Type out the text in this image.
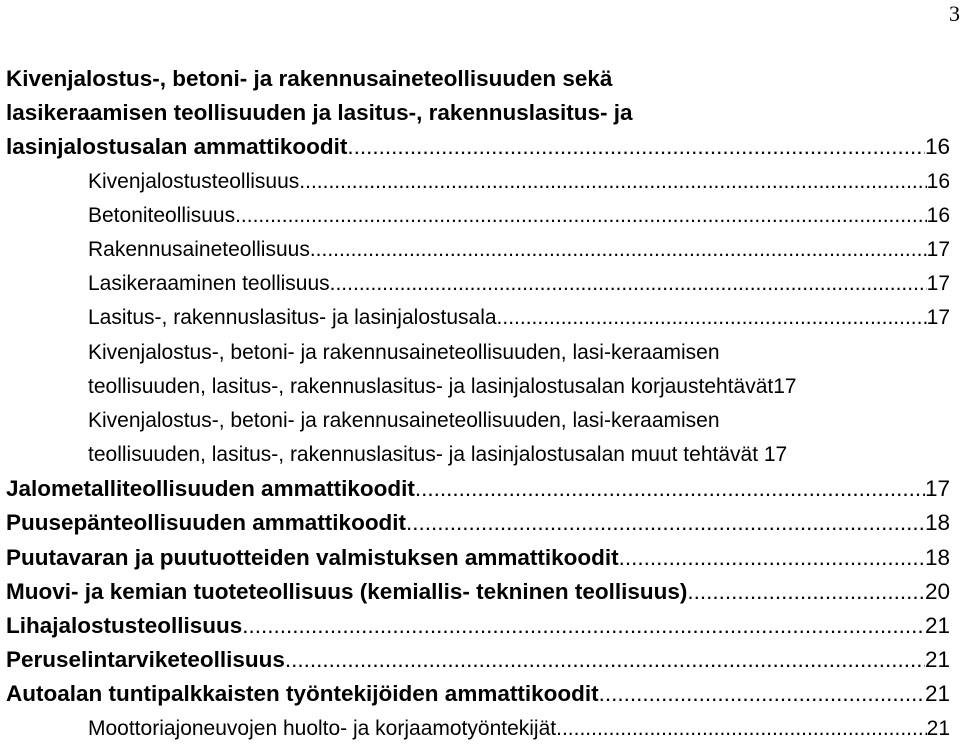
3
Kivenjalostus-, betoni- ja rakennusaineteollisuuden sekä
lasikeraamisen teollisuuden ja lasitus-, rakennuslasitus- ja
lasinjalostusalan ammattikoodit .....	16
Kivenjalostusteollisuus .....	16
Betoniteollisuus .....	16
Rakennusaineteollisuus .....	17
Lasikeraaminen teollisuus .....	17
Lasitus-, rakennuslasitus- ja lasinjalostusala .....	17
Kivenjalostus-, betoni- ja rakennusaineteollisuuden, lasi-keraamisen
teollisuuden, lasitus-, rakennuslasitus- ja lasinjalostusalan korjaustehtävät17
Kivenjalostus-, betoni- ja rakennusaineteollisuuden, lasi-keraamisen
teollisuuden, lasitus-, rakennuslasitus- ja lasinjalostusalan muut tehtävät 17
Jalometalliteollisuuden ammattikoodit .....	17
Puusepänteollisuuden ammattikoodit .....	18
Puutavaran ja puutuotteiden valmistuksen ammattikoodit .....	18
Muovi- ja kemian tuoteteollisuus (kemiallis- tekninen teollisuus) .....	20
Lihajalostusteollisuus .....	21
Peruselintarviketeollisuus .....	21
Autoalan tuntipalkkaisten työntekijöiden ammattikoodit .....	21
Moottoriajoneuvojen huolto- ja korjaamotyöntekijät .....	21
